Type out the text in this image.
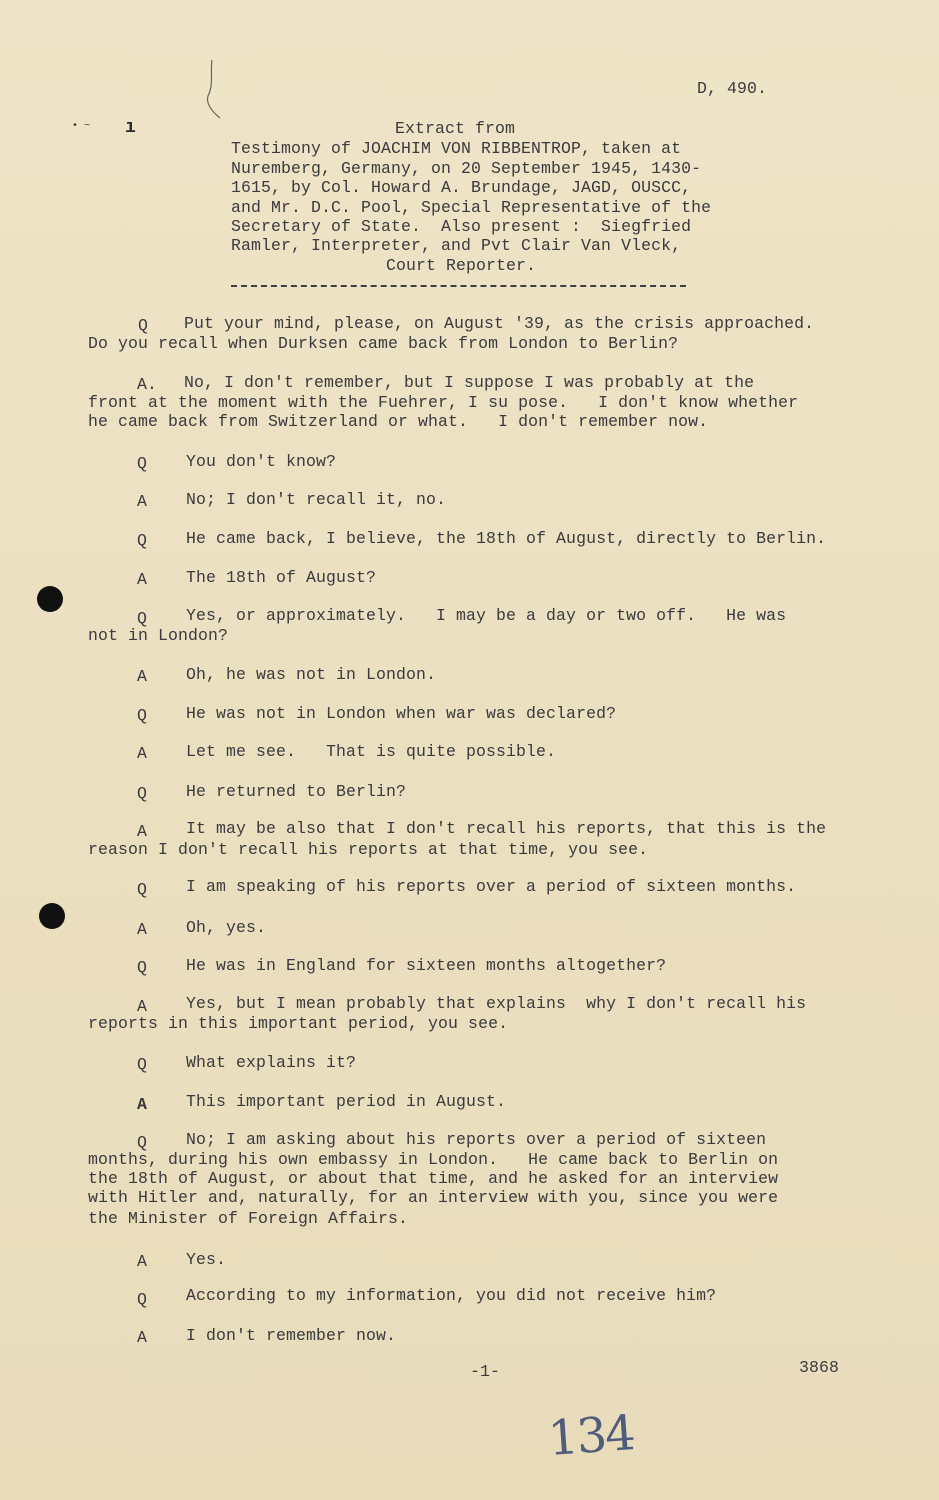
• ~ ı
D, 490.
Extract from
Testimony of JOACHIM VON RIBBENTROP, taken at
Nuremberg, Germany, on 20 September 1945, 1430-
1615, by Col. Howard A. Brundage, JAGD, OUSCC,
and Mr. D.C. Pool, Special Representative of the
Secretary of State.  Also present :  Siegfried
Ramler, Interpreter, and Pvt Clair Van Vleck,
Court Reporter.
Q Put your mind, please, on August '39, as the crisis approached.
Do you recall when Durksen came back from London to Berlin?
A. No, I don't remember, but I suppose I was probably at the
front at the moment with the Fuehrer, I su pose.   I don't know whether
he came back from Switzerland or what.   I don't remember now.
Q You don't know?
A No; I don't recall it, no.
Q He came back, I believe, the 18th of August, directly to Berlin.
A The 18th of August?
Q Yes, or approximately.   I may be a day or two off.   He was
not in London?
A Oh, he was not in London.
Q He was not in London when war was declared?
A Let me see.   That is quite possible.
Q He returned to Berlin?
A It may be also that I don't recall his reports, that this is the
reason I don't recall his reports at that time, you see.
Q I am speaking of his reports over a period of sixteen months.
A Oh, yes.
Q He was in England for sixteen months altogether?
A Yes, but I mean probably that explains  why I don't recall his
reports in this important period, you see.
Q What explains it?
A This important period in August.
Q No; I am asking about his reports over a period of sixteen
months, during his own embassy in London.   He came back to Berlin on
the 18th of August, or about that time, and he asked for an interview
with Hitler and, naturally, for an interview with you, since you were
the Minister of Foreign Affairs.
A Yes.
Q According to my information, you did not receive him?
A I don't remember now.
-1-	3868
134
